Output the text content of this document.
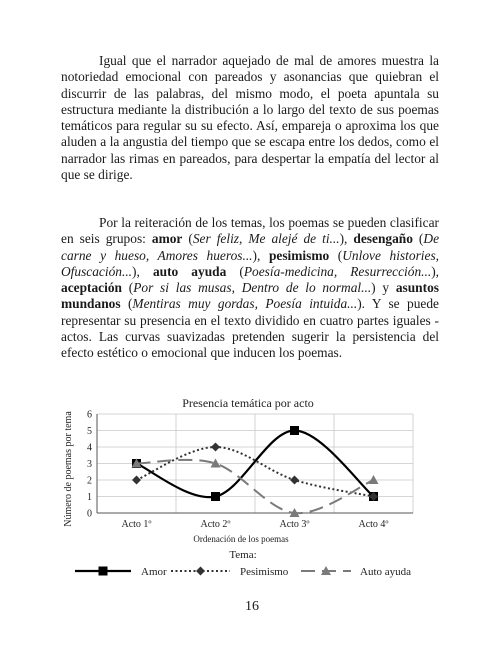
Igual que el narrador aquejado de mal de amores muestra la notoriedad emocional con pareados y asonancias que quiebran el discurrir de las palabras, del mismo modo, el poeta apuntala su estructura mediante la distribución a lo largo del texto de sus poemas temáticos para regular su su efecto. Así, empareja o aproxima los que aluden a la angustia del tiempo que se escapa entre los dedos, como el narrador las rimas en pareados, para despertar la empatía del lector al que se dirige.

Por la reiteración de los temas, los poemas se pueden clasificar en seis grupos: amor (Ser feliz, Me alejé de ti...), desengaño (De carne y hueso, Amores hueros...), pesimismo (Unlove histories, Ofuscación...), auto ayuda (Poesía-medicina, Resurrección...), aceptación (Por si las musas, Dentro de lo normal...) y asuntos mundanos (Mentiras muy gordas, Poesía intuida...). Y se puede representar su presencia en el texto dividido en cuatro partes iguales -actos. Las curvas suavizadas pretenden sugerir la persistencia del efecto estético o emocional que inducen los poemas.

0
1
2
3
4
5
6
Acto 1º	Acto 2º	Acto 3º	Acto 4º
Amor	Pesimismo	Auto ayuda
Presencia temática por acto
Ordenación de los poemas
Número de poemas por tema
Tema:
16
